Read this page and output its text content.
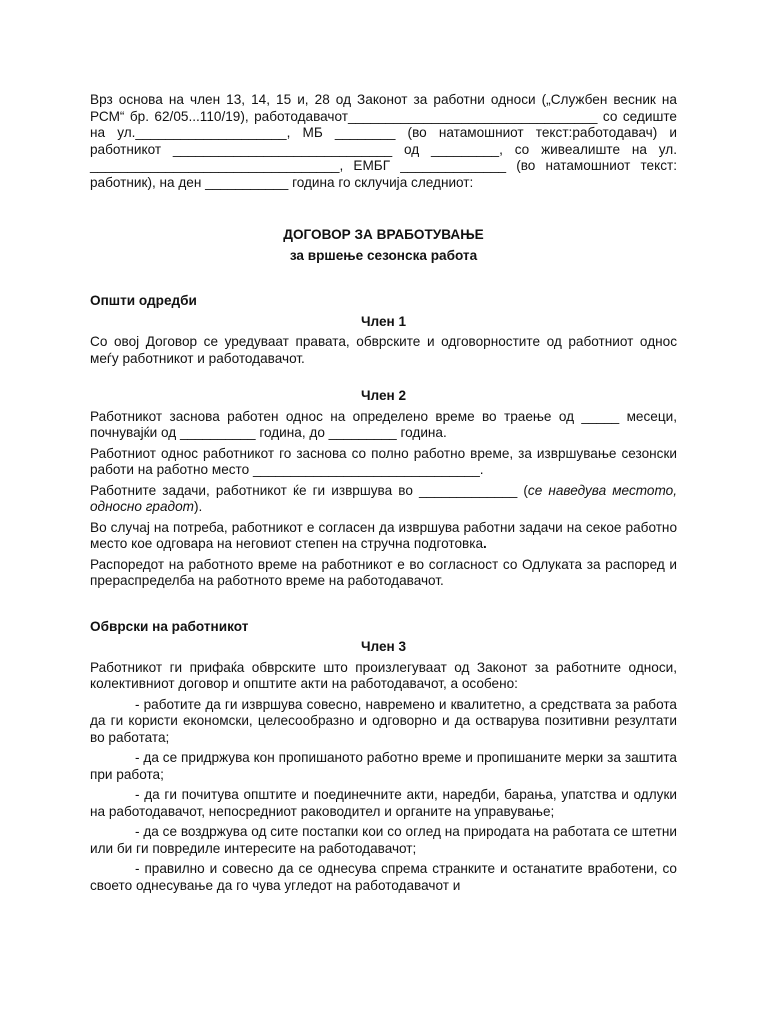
Врз основа на член 13, 14, 15 и, 28 од Законот за работни односи („Службен весник на РСМ“ бр. 62/05...110/19), работодавачот_________________________________ со седиште на ул.____________________, МБ ________ (во натамошниот текст:работодавач) и работникот _____________________________ од _________, со живеалиште на ул. _________________________________, ЕМБГ ______________ (во натамошниот текст: работник), на ден ___________ година го склучија следниот:

ДОГОВОР ЗА ВРАБОТУВАЊЕ

за вршење сезонска работа

Општи одредби

Член 1

Со овој Договор се уредуваат правата, обврските и одговорностите од работниот однос меѓу работникот и работодавачот.

Член 2

Работникот заснова работен однос на определено време во траење од _____ месеци, почнувајќи од __________ година, до _________ година.

Работниот однос работникот го заснова со полно работно време, за извршување сезонски работи на работно место ______________________________.

Работните задачи, работникот ќе ги извршува во _____________ (се наведува местото, односно градот).

Во случај на потреба, работникот е согласен да извршува работни задачи на секое работно место кое одговара на неговиот степен на стручна подготовка.

Распоредот на работното време на работникот е во согласност со Одлуката за распоред и прераспределба на работното време на работодавачот.

Обврски на работникот

Член 3

Работникот ги прифаќа обврските што произлегуваат од Законот за работните односи, колективниот договор и општите акти на работодавачот, а особено:

- работите да ги извршува совесно, навремено и квалитетно, а средствата за работа да ги користи економски, целесообразно и одговорно и да остварува позитивни резултати во работата;

- да се придржува кон пропишаното работно време и пропишаните мерки за заштита при работа;

- да ги почитува општите и поединечните акти, наредби, барања, упатства и одлуки на работодавачот, непосредниот раководител и органите на управување;

- да се воздржува од сите постапки кои со оглед на природата на работата се штетни или би ги повредиле интересите на работодавачот;

- правилно и совесно да се однесува спрема странките и останатите вработени, со своето однесување да го чува угледот на работодавачот и
